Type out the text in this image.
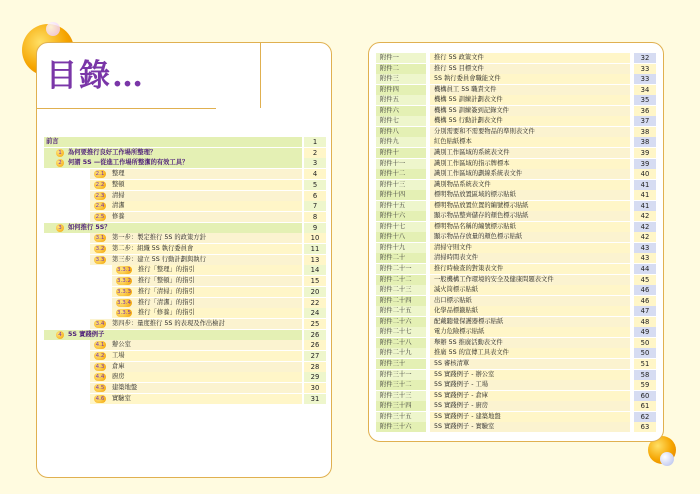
目錄…
前言	1
1 為何要推行良好工作場所整理？	2
2 何謂 5S —從進工作場所整潔的有效工具？	3
2.1 整理	4
2.2 整頓	5
2.3 清掃	6
2.4 清潔	7
2.5 修養	8
3 如何推行 5S？	9
3.1 第一步：製定推行 5S 的政策方針	10
3.2 第二步：組織 5S 執行委員會	11
3.3 第三步：建立 5S 行動計劃與執行	13
3.3.1 推行「整理」的指引	14
3.3.2 推行「整頓」的指引	15
3.3.3 推行「清掃」的指引	20
3.3.4 推行「清潔」的指引	22
3.3.5 推行「修養」的指引	24
3.4 第四步：量度推行 5S 的表現及作出檢討	25
4 5S 實踐例子	26
4.1 辦公室	26
4.2 工場	27
4.3 倉庫	28
4.4 廚房	29
4.5 建築地盤	30
4.6 實驗室	31
附件一	推行 5S 政策文件	32
附件二	推行 5S 目標文件	33
附件三	5S 執行委員會職能文件	33
附件四	機構員工 5S 職責文件	34
附件五	機構 5S 訓練計劃表文件	35
附件六	機構 5S 訓練簽到記錄文件	36
附件七	機構 5S 行動計劃表文件	37
附件八	分別需要和不需要物品的準則表文件	38
附件九	紅色貼紙標本	38
附件十	識別工作區域的系統表文件	39
附件十一	識別工作區域的指示牌標本	39
附件十二	識別工作區域的劃線系統表文件	40
附件十三	識別物品系統表文件	41
附件十四	標明物品放置區域的標示貼紙	41
附件十五	標明物品放置位置的編號標示貼紙	41
附件十六	顯示物品整齊儲存的顏色標示貼紙	42
附件十七	標明物品名稱的編號標示貼紙	42
附件十八	顯示物品存放量的顏色標示貼紙	42
附件十九	清掃守則文件	43
附件二十	清掃時間表文件	43
附件二十一	推行時檢查的對策表文件	44
附件二十二	一般機構工作環境的安全及健康問題表文件	45
附件二十三	滅火筒標示貼紙	46
附件二十四	出口標示貼紙	46
附件二十五	化學品標籤貼紙	47
附件二十六	配戴聽覺保護器標示貼紙	48
附件二十七	電力危險標示貼紙	49
附件二十八	舉辦 5S 推廣活動表文件	50
附件二十九	推廣 5S 的宣傳工具表文件	50
附件三十	5S 審核清單	51
附件三十一	5S 實踐例子 - 辦公室	58
附件三十二	5S 實踐例子 - 工場	59
附件三十三	5S 實踐例子 - 倉庫	60
附件三十四	5S 實踐例子 - 廚房	61
附件三十五	5S 實踐例子 - 建築地盤	62
附件三十六	5S 實踐例子 - 實驗室	63
